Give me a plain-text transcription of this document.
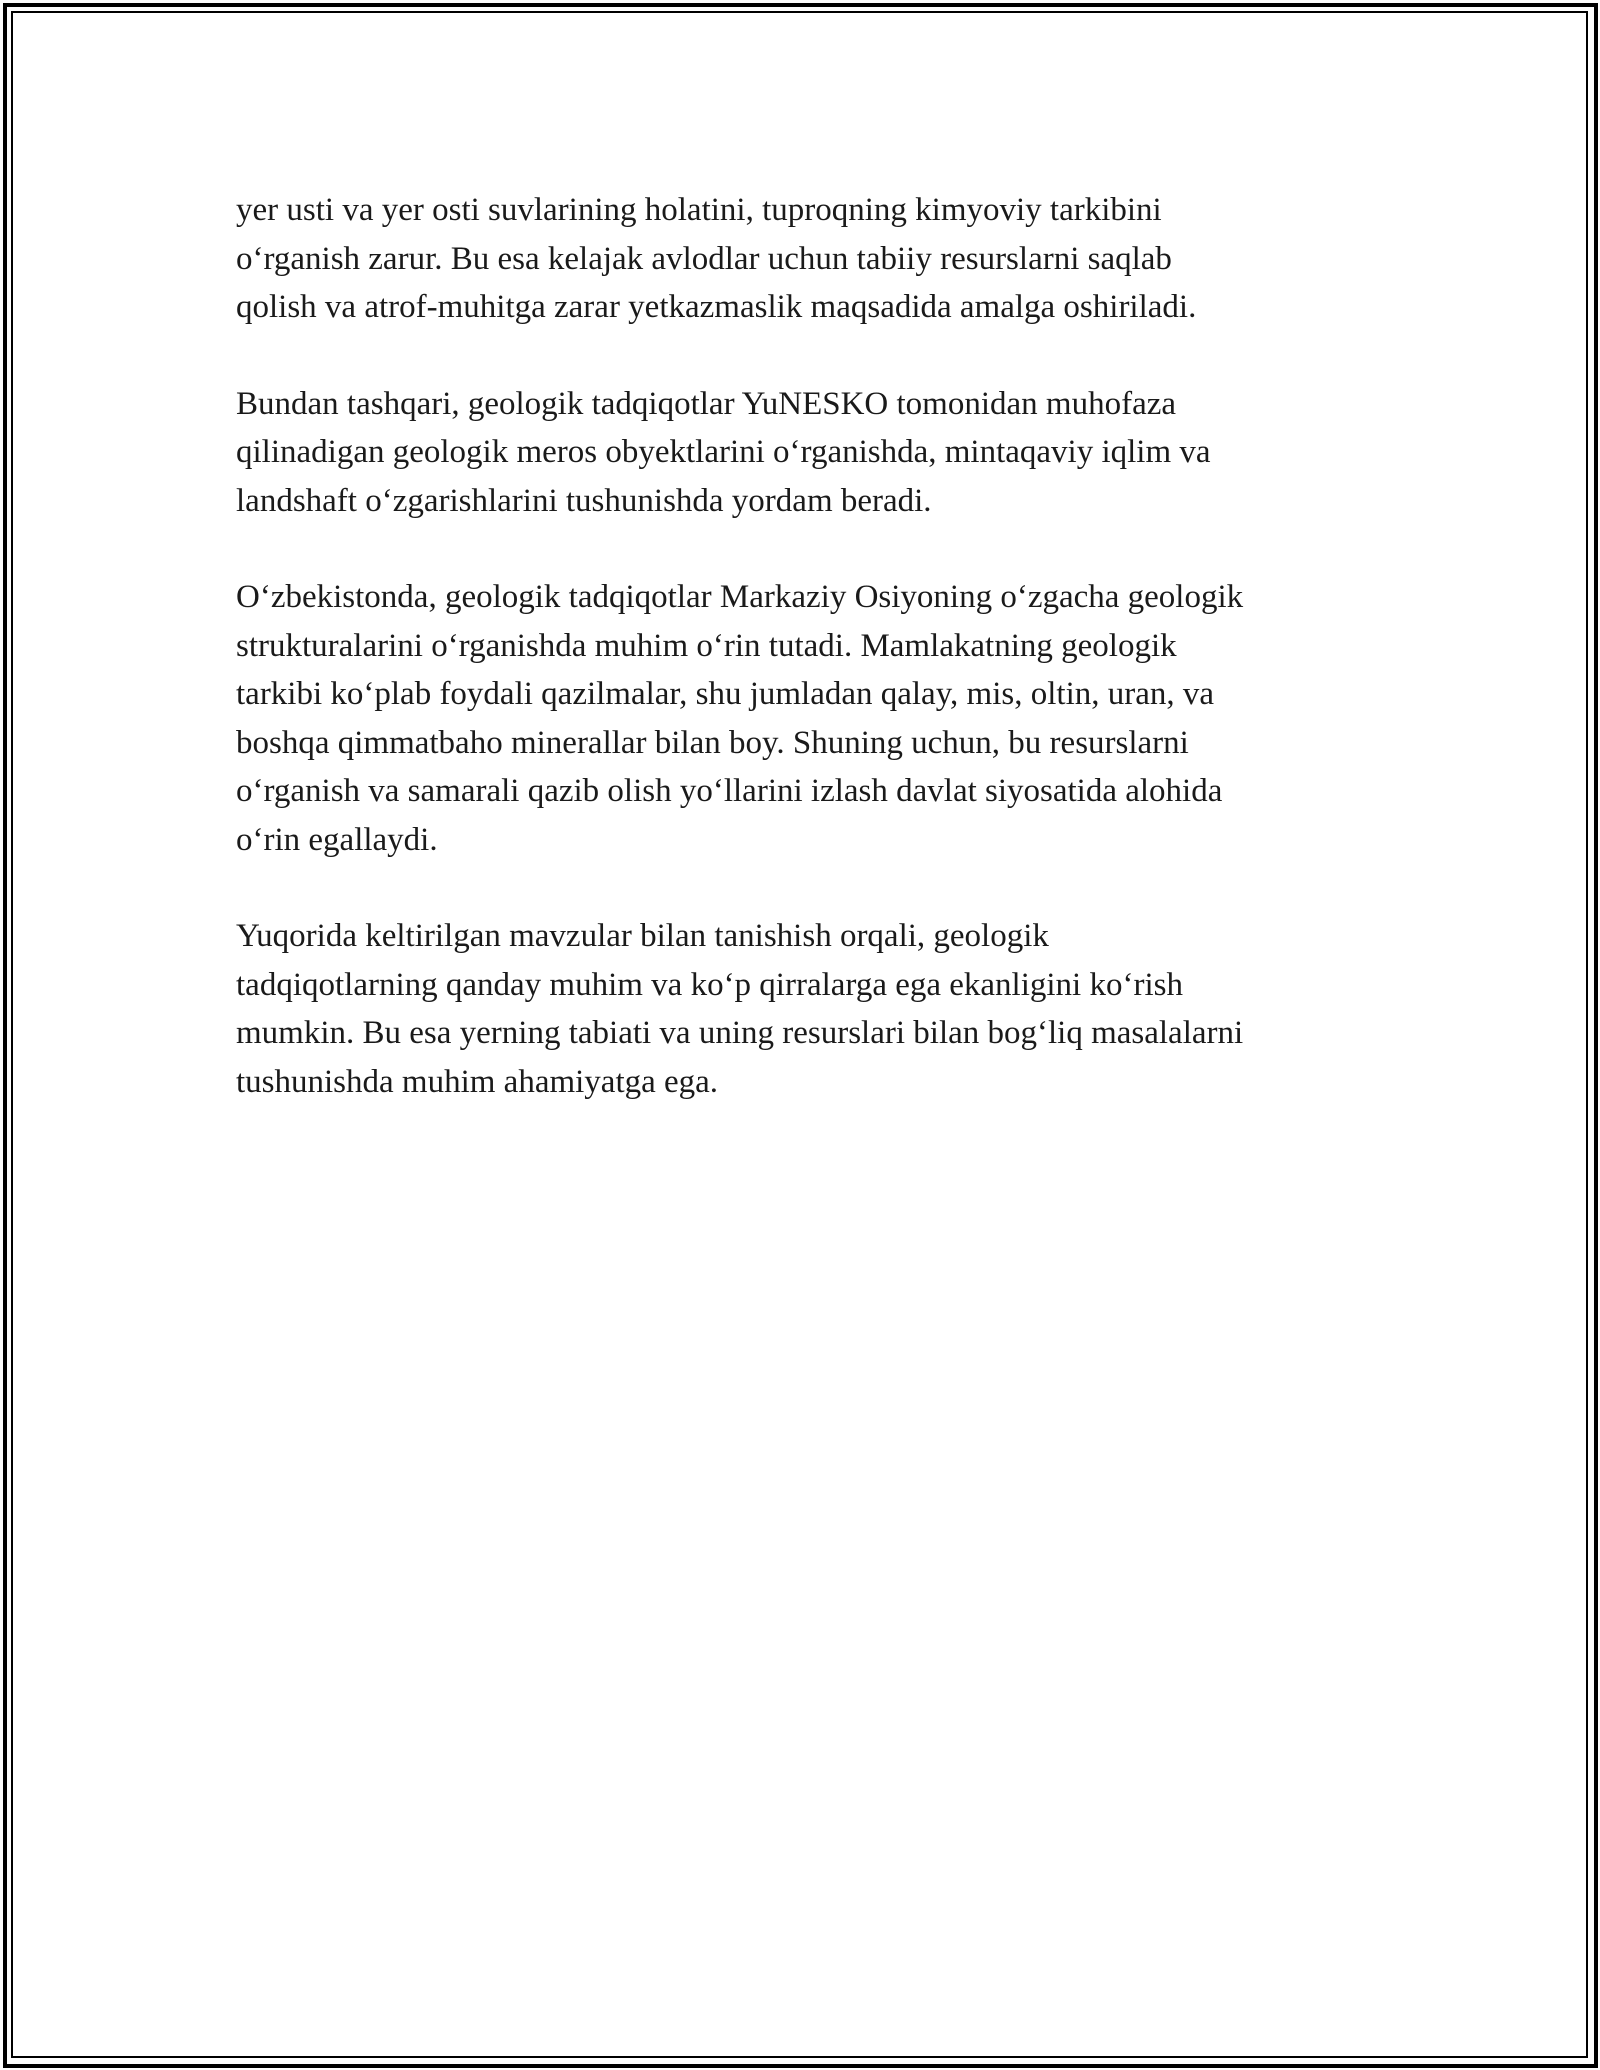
yer usti va yer osti suvlarining holatini, tuproqning kimyoviy tarkibini
o‘rganish zarur. Bu esa kelajak avlodlar uchun tabiiy resurslarni saqlab
qolish va atrof-muhitga zarar yetkazmaslik maqsadida amalga oshiriladi.

Bundan tashqari, geologik tadqiqotlar YuNESKO tomonidan muhofaza
qilinadigan geologik meros obyektlarini o‘rganishda, mintaqaviy iqlim va
landshaft o‘zgarishlarini tushunishda yordam beradi.

O‘zbekistonda, geologik tadqiqotlar Markaziy Osiyoning o‘zgacha geologik
strukturalarini o‘rganishda muhim o‘rin tutadi. Mamlakatning geologik
tarkibi ko‘plab foydali qazilmalar, shu jumladan qalay, mis, oltin, uran, va
boshqa qimmatbaho minerallar bilan boy. Shuning uchun, bu resurslarni
o‘rganish va samarali qazib olish yo‘llarini izlash davlat siyosatida alohida
o‘rin egallaydi.

Yuqorida keltirilgan mavzular bilan tanishish orqali, geologik
tadqiqotlarning qanday muhim va ko‘p qirralarga ega ekanligini ko‘rish
mumkin. Bu esa yerning tabiati va uning resurslari bilan bog‘liq masalalarni
tushunishda muhim ahamiyatga ega.
